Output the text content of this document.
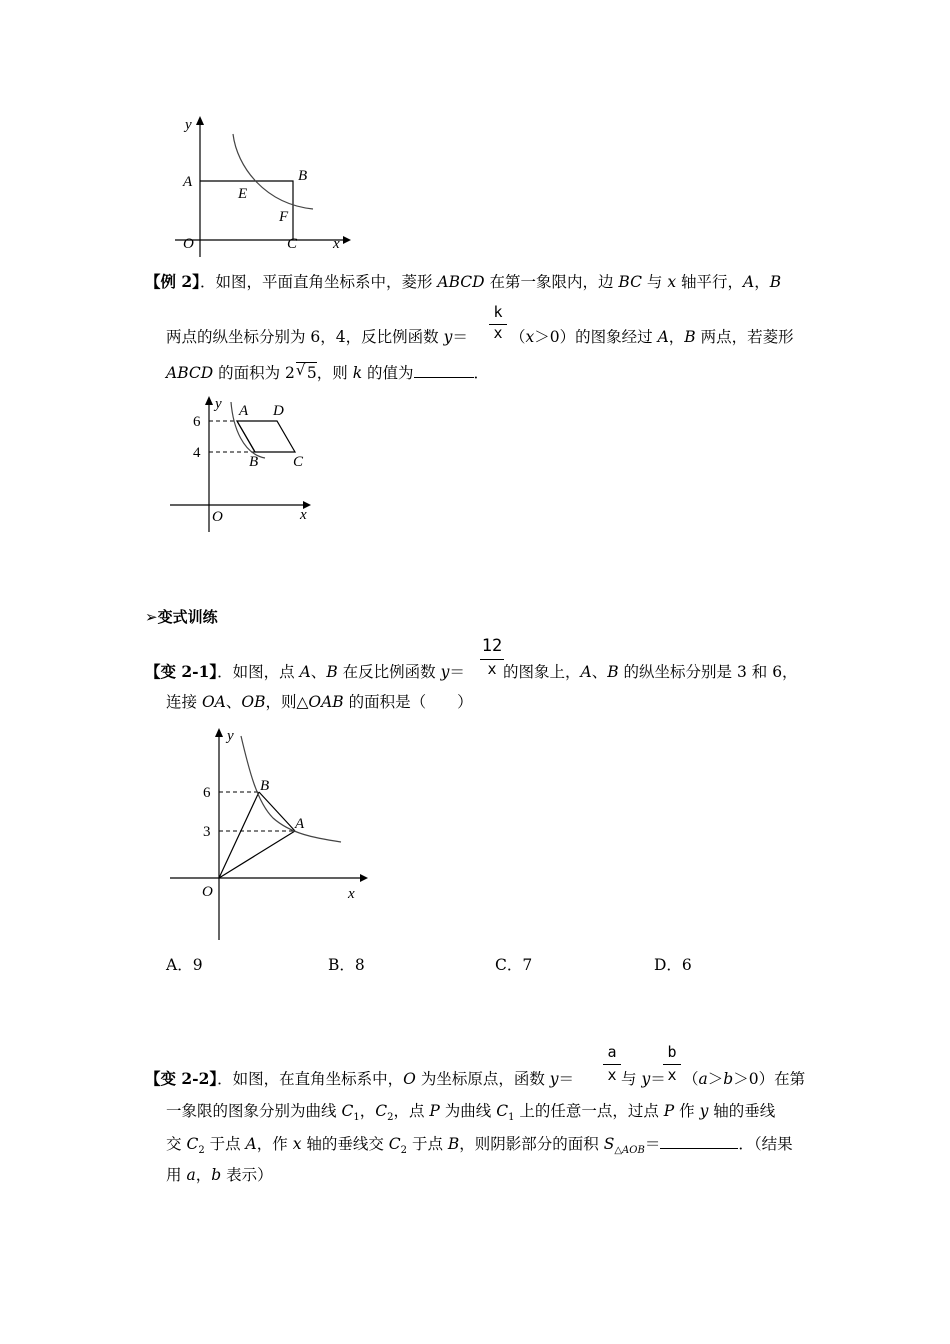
y
x
A	B
E
F
O	C
【例 2】．如图，平面直角坐标系中，菱形 ABCD 在第一象限内，边 BC 与 x 轴平行，A，B
k
x
两点的纵坐标分别为 6，4，反比例函数 y＝	（x＞0）的图象经过 A，B 两点，若菱形
ABCD 的面积为 2 √ 5，则 k 的值为	．
A D
B C
O	x
y
6
4
➢变式训练
12
x
【变 2-1】．如图，点 A、B 在反比例函数 y＝ 的图象上，A、B 的纵坐标分别是 3 和 6，
连接 OA、OB，则△OAB 的面积是（　　）
y
x
O
B
A
6
3
A．9	B．8	C．7	D．6
a
x
b
x
【变 2-2】．如图，在直角坐标系中，O 为坐标原点，函数 y＝	与 y＝ （a＞b＞0）在第
一象限的图象分别为曲线 $C_1$，$C_2$，点 P 为曲线 $C_1$ 上的任意一点，过点 P 作 y 轴的垂线
交 $C_2$ 于点 A，作 x 轴的垂线交 $C_2$ 于点 B，则阴影部分的面积 $S_{\triangle AOB}=$	．（结果
用 a，b 表示）
